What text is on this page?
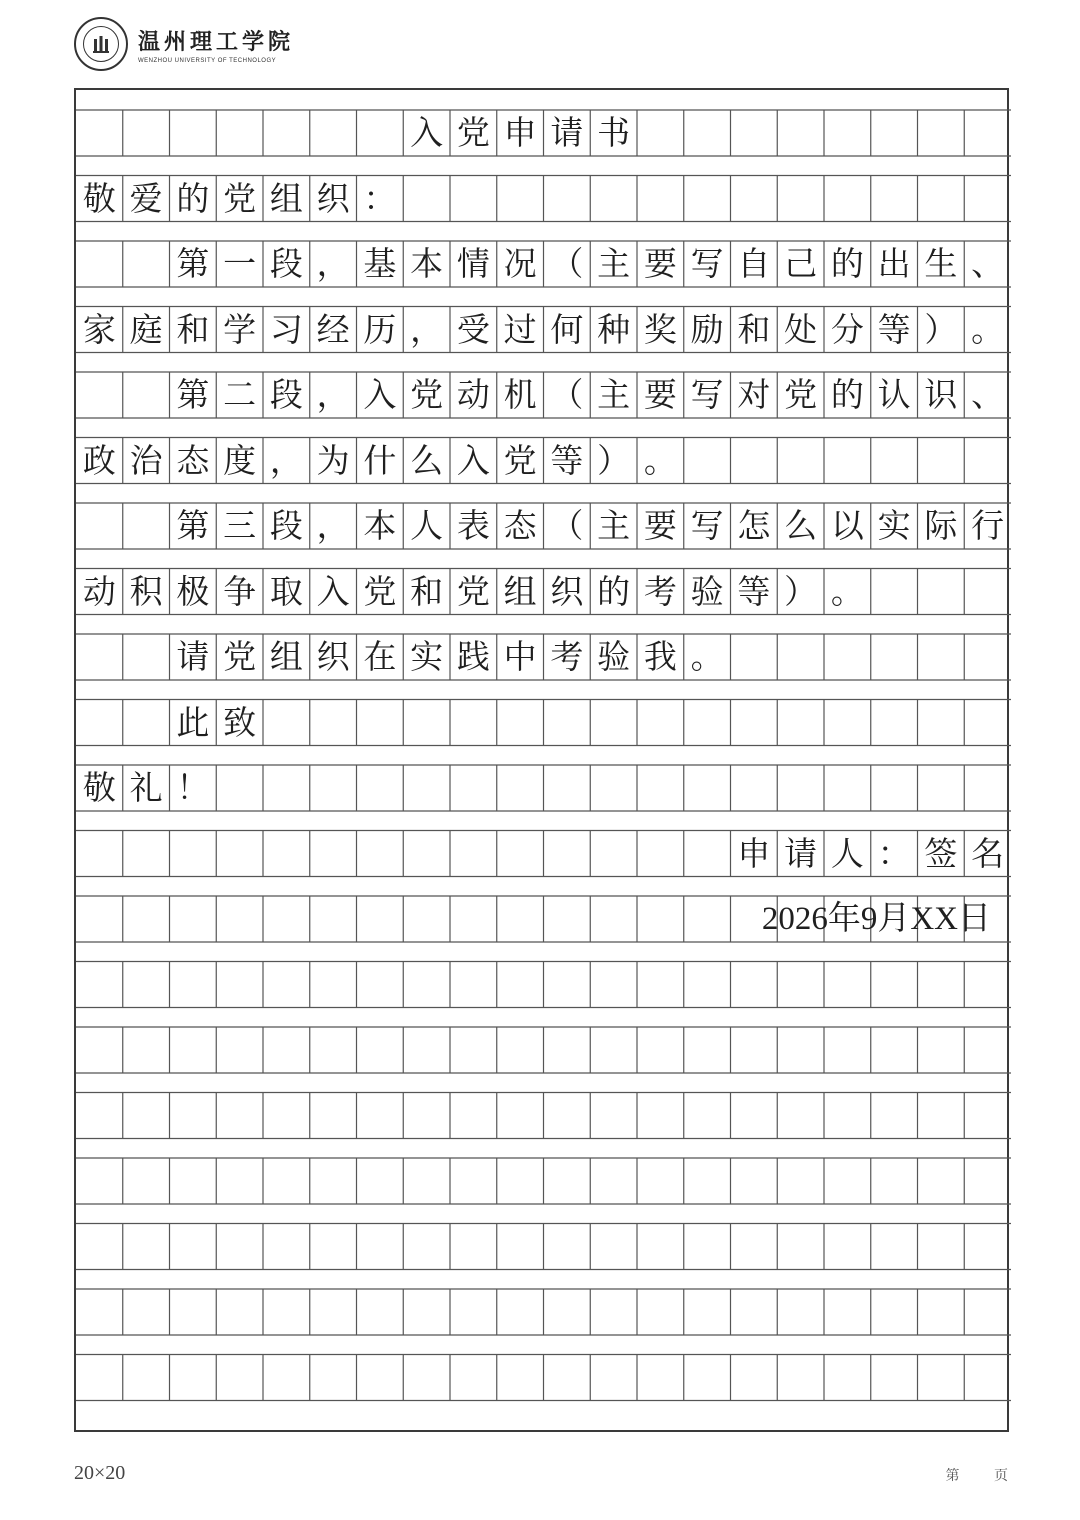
温州理工学院
WENZHOU UNIVERSITY OF TECHNOLOGY
入 党 申 请 书
敬 爱 的 党 组 织 ：
第 一 段 ， 基 本 情 况 （ 主 要 写 自 己 的 出 生 、
家 庭 和 学 习 经 历 ， 受 过 何 种 奖 励 和 处 分 等 ） 。
第 二 段 ， 入 党 动 机 （ 主 要 写 对 党 的 认 识 、
政 治 态 度 ， 为 什 么 入 党 等 ） 。
第 三 段 ， 本 人 表 态 （ 主 要 写 怎 么 以 实 际 行
动 积 极 争 取 入 党 和 党 组 织 的 考 验 等 ） 。
请 党 组 织 在 实 践 中 考 验 我 。
此 致
敬 礼 ！
申 请 人 ： 签 名
2026年9月XX日
20×20	第 页
